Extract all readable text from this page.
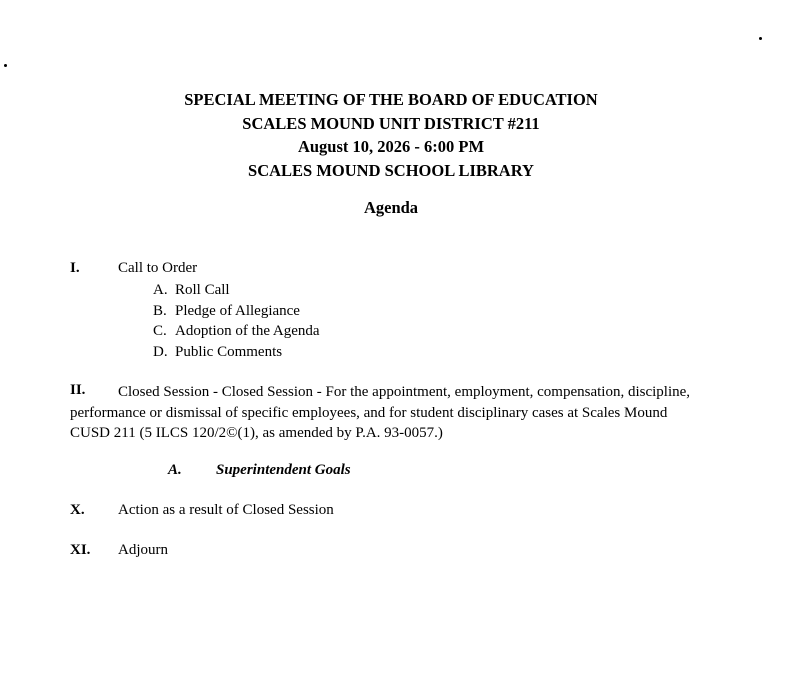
SPECIAL MEETING OF THE BOARD OF EDUCATION
SCALES MOUND UNIT DISTRICT #211
August 10, 2026 - 6:00 PM
SCALES MOUND SCHOOL LIBRARY
Agenda
I.	Call to Order
A. Roll Call
B. Pledge of Allegiance
C. Adoption of the Agenda
D. Public Comments
II.	Closed Session - Closed Session - For the appointment, employment, compensation, discipline, performance or dismissal of specific employees, and for student disciplinary cases at Scales Mound CUSD 211 (5 ILCS 120/2©(1), as amended by P.A. 93-0057.)

A. Superintendent Goals
X. Action as a result of Closed Session
XI. Adjourn
